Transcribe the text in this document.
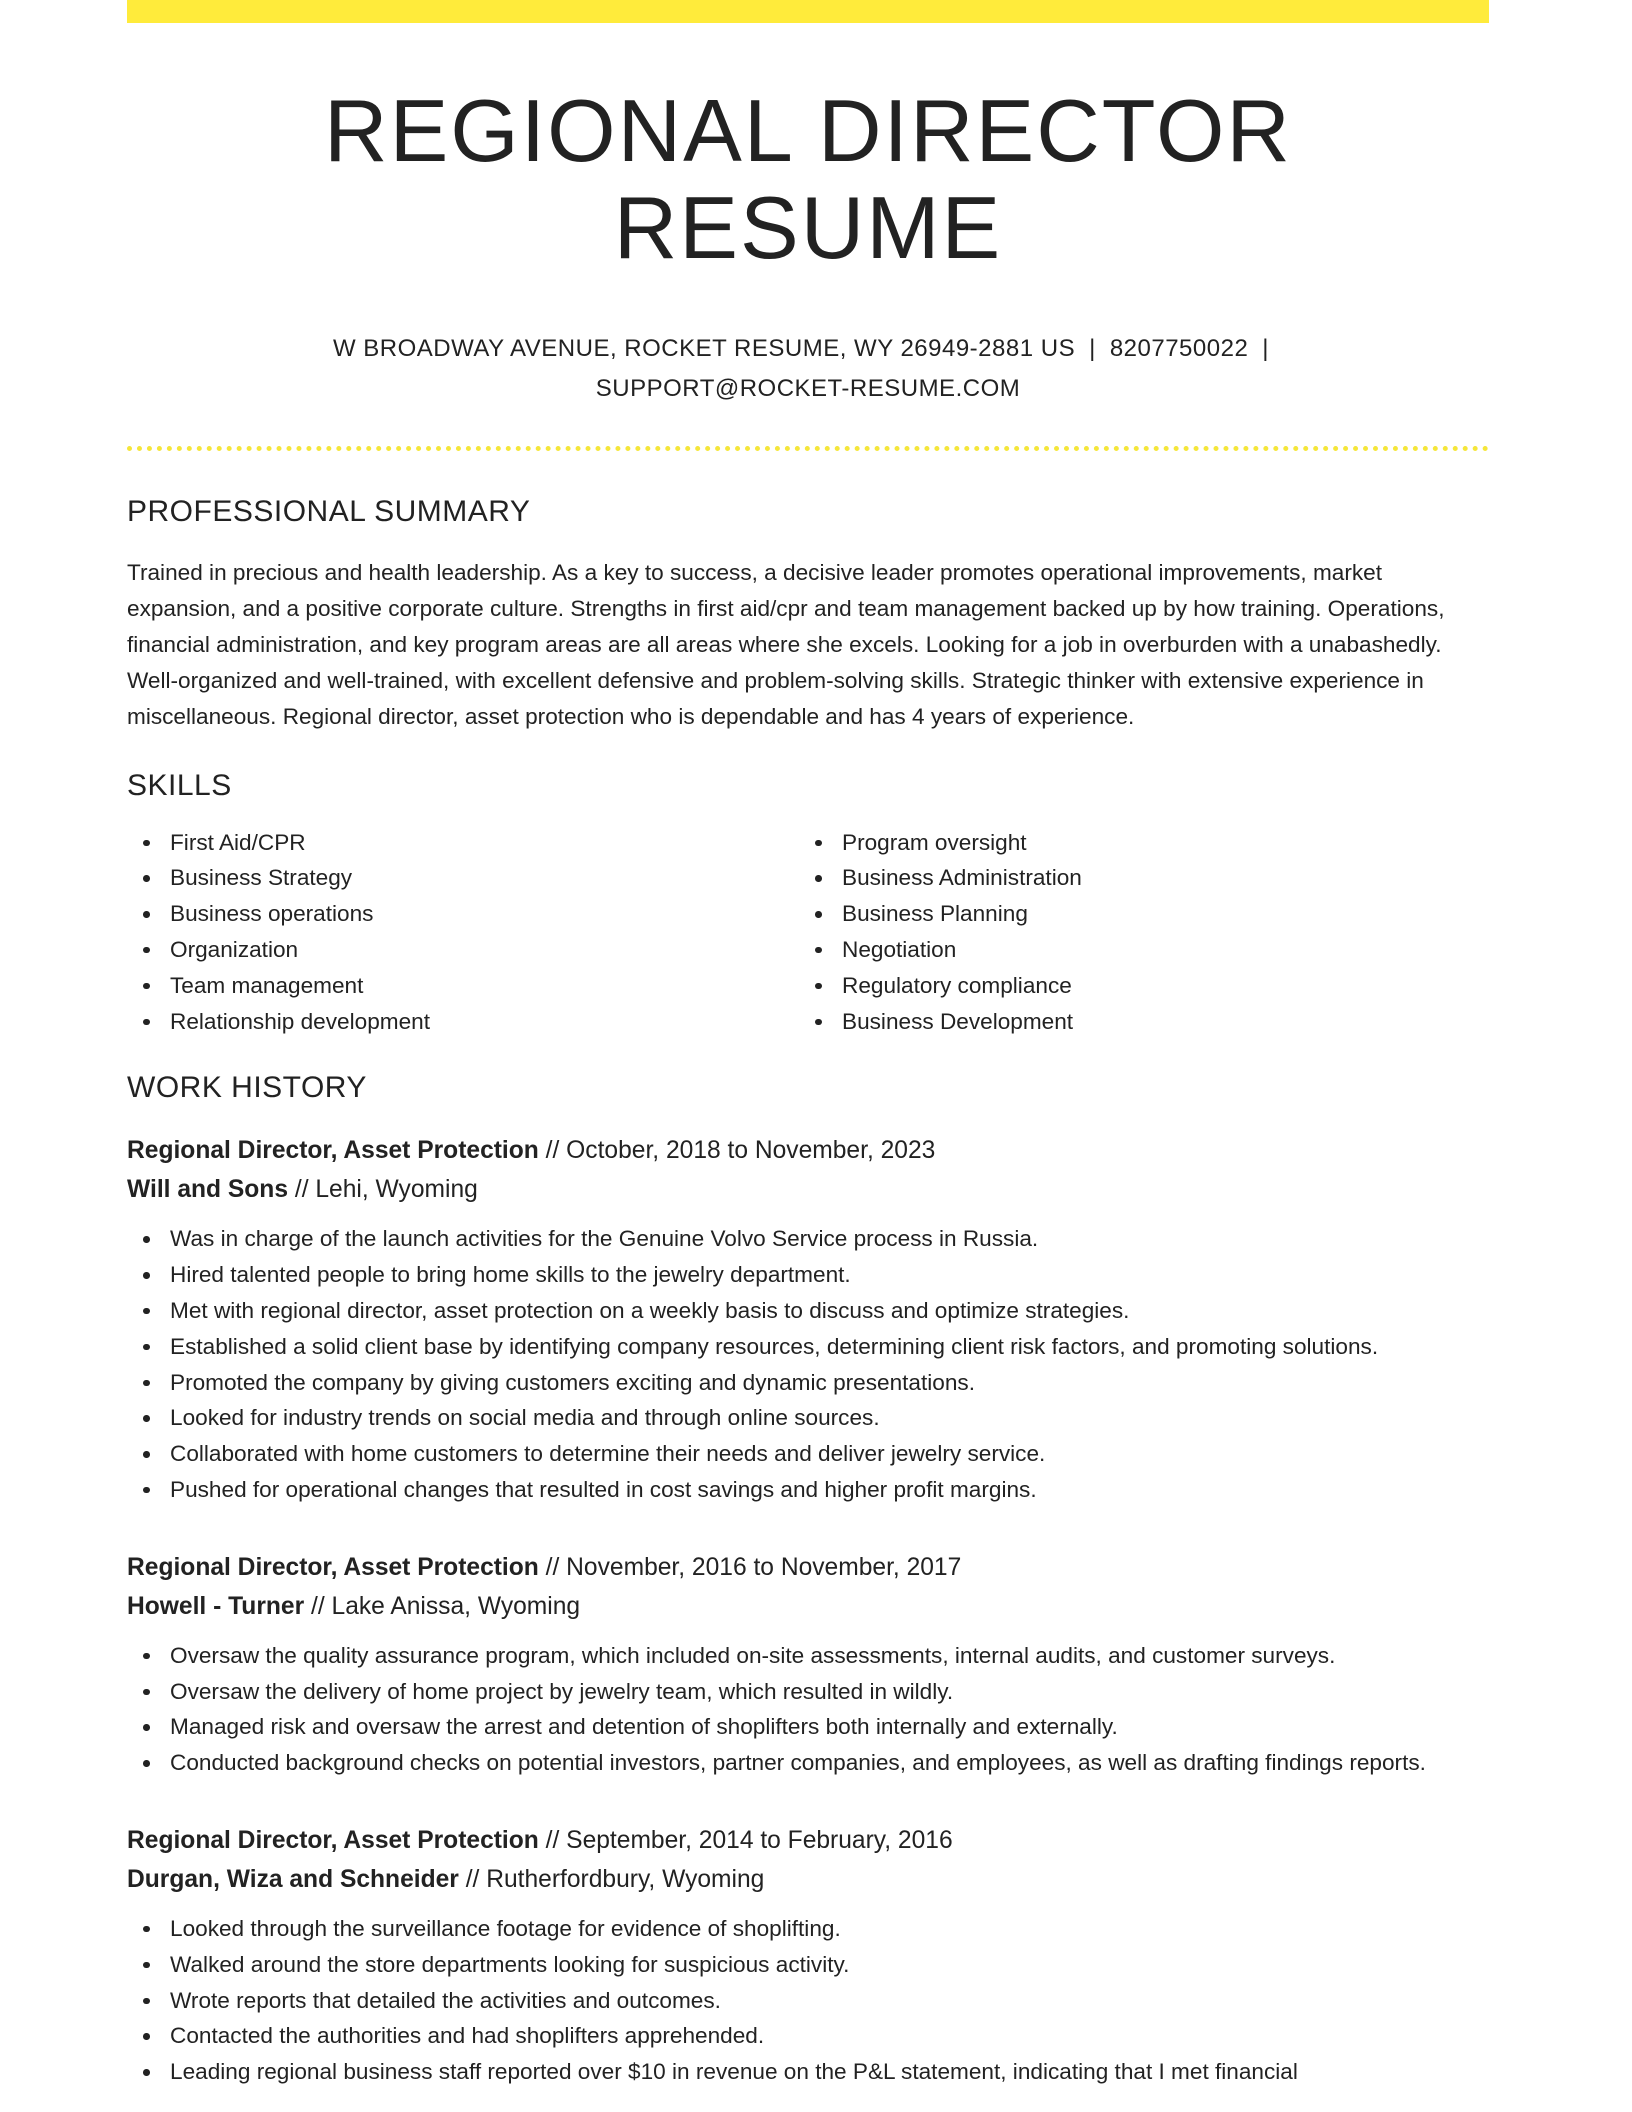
REGIONAL DIRECTOR RESUME
W BROADWAY AVENUE, ROCKET RESUME, WY 26949-2881 US | 8207750022 |
SUPPORT@ROCKET-RESUME.COM
PROFESSIONAL SUMMARY

Trained in precious and health leadership. As a key to success, a decisive leader promotes operational improvements, market expansion, and a positive corporate culture. Strengths in first aid/cpr and team management backed up by how training. Operations, financial administration, and key program areas are all areas where she excels. Looking for a job in overburden with a unabashedly. Well-organized and well-trained, with excellent defensive and problem-solving skills. Strategic thinker with extensive experience in miscellaneous. Regional director, asset protection who is dependable and has 4 years of experience.

SKILLS
First Aid/CPR
Business Strategy
Business operations
Organization
Team management
Relationship development
Program oversight
Business Administration
Business Planning
Negotiation
Regulatory compliance
Business Development
WORK HISTORY
Regional Director, Asset Protection // October, 2018 to November, 2023
Will and Sons // Lehi, Wyoming
Was in charge of the launch activities for the Genuine Volvo Service process in Russia.
Hired talented people to bring home skills to the jewelry department.
Met with regional director, asset protection on a weekly basis to discuss and optimize strategies.
Established a solid client base by identifying company resources, determining client risk factors, and promoting solutions.
Promoted the company by giving customers exciting and dynamic presentations.
Looked for industry trends on social media and through online sources.
Collaborated with home customers to determine their needs and deliver jewelry service.
Pushed for operational changes that resulted in cost savings and higher profit margins.
Regional Director, Asset Protection // November, 2016 to November, 2017
Howell - Turner // Lake Anissa, Wyoming
Oversaw the quality assurance program, which included on-site assessments, internal audits, and customer surveys.
Oversaw the delivery of home project by jewelry team, which resulted in wildly.
Managed risk and oversaw the arrest and detention of shoplifters both internally and externally.
Conducted background checks on potential investors, partner companies, and employees, as well as drafting findings reports.
Regional Director, Asset Protection // September, 2014 to February, 2016
Durgan, Wiza and Schneider // Rutherfordbury, Wyoming
Looked through the surveillance footage for evidence of shoplifting.
Walked around the store departments looking for suspicious activity.
Wrote reports that detailed the activities and outcomes.
Contacted the authorities and had shoplifters apprehended.
Leading regional business staff reported over $10 in revenue on the P&L statement, indicating that I met financial
